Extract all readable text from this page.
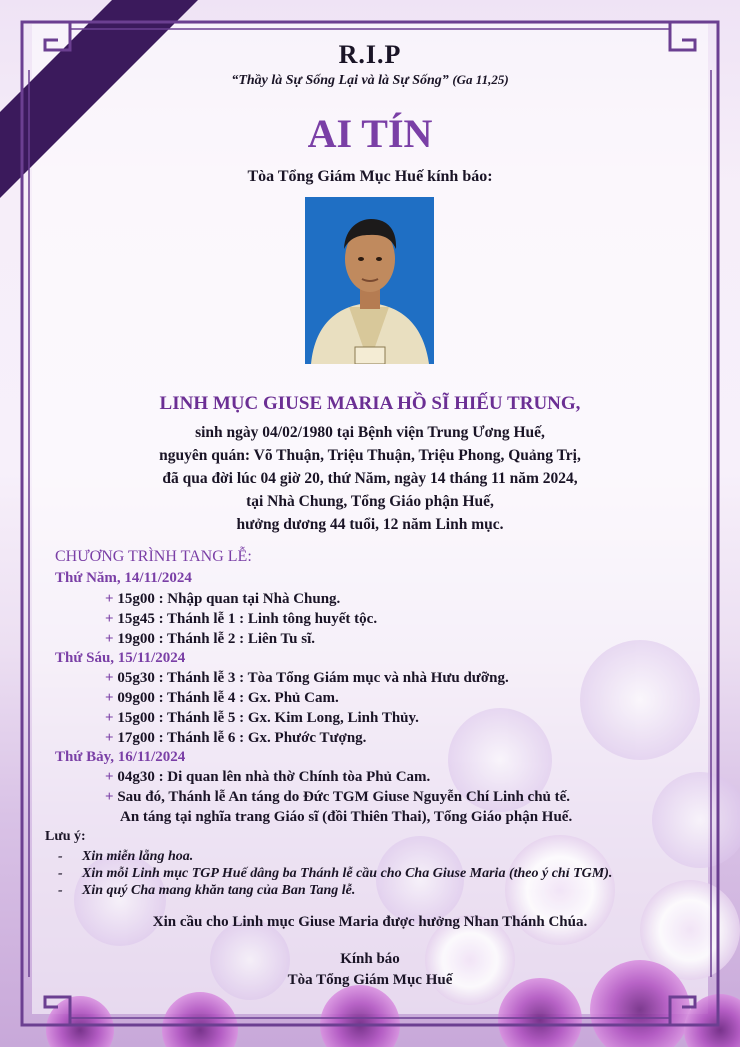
R.I.P
“Thầy là Sự Sống Lại và là Sự Sống” (Ga 11,25)
AI TÍN
Tòa Tổng Giám Mục Huế kính báo:
LINH MỤC GIUSE MARIA HỒ SĨ HIẾU TRUNG,
sinh ngày 04/02/1980 tại Bệnh viện Trung Ương Huế,
nguyên quán: Võ Thuận, Triệu Thuận, Triệu Phong, Quảng Trị,
đã qua đời lúc 04 giờ 20, thứ Năm, ngày 14 tháng 11 năm 2024,
tại Nhà Chung, Tổng Giáo phận Huế,
hưởng dương 44 tuổi, 12 năm Linh mục.
CHƯƠNG TRÌNH TANG LỄ:
Thứ Năm, 14/11/2024
+ 15g00 : Nhập quan tại Nhà Chung.
+ 15g45 : Thánh lễ 1 : Linh tông huyết tộc.
+ 19g00 : Thánh lễ 2 : Liên Tu sĩ.
Thứ Sáu, 15/11/2024
+ 05g30 : Thánh lễ 3 : Tòa Tổng Giám mục và nhà Hưu dưỡng.
+ 09g00 : Thánh lễ 4 : Gx. Phủ Cam.
+ 15g00 : Thánh lễ 5 : Gx. Kim Long, Linh Thủy.
+ 17g00 : Thánh lễ 6 : Gx. Phước Tượng.
Thứ Bảy, 16/11/2024
+ 04g30 : Di quan lên nhà thờ Chính tòa Phủ Cam.
+ Sau đó, Thánh lễ An táng do Đức TGM Giuse Nguyễn Chí Linh chủ tế.
An táng tại nghĩa trang Giáo sĩ (đồi Thiên Thai), Tổng Giáo phận Huế.
Lưu ý:
- Xin miễn lẵng hoa.
- Xin mỗi Linh mục TGP Huế dâng ba Thánh lễ cầu cho Cha Giuse Maria (theo ý chỉ TGM).
- Xin quý Cha mang khăn tang của Ban Tang lễ.
Xin cầu cho Linh mục Giuse Maria được hưởng Nhan Thánh Chúa.
Kính báo
Tòa Tổng Giám Mục Huế
